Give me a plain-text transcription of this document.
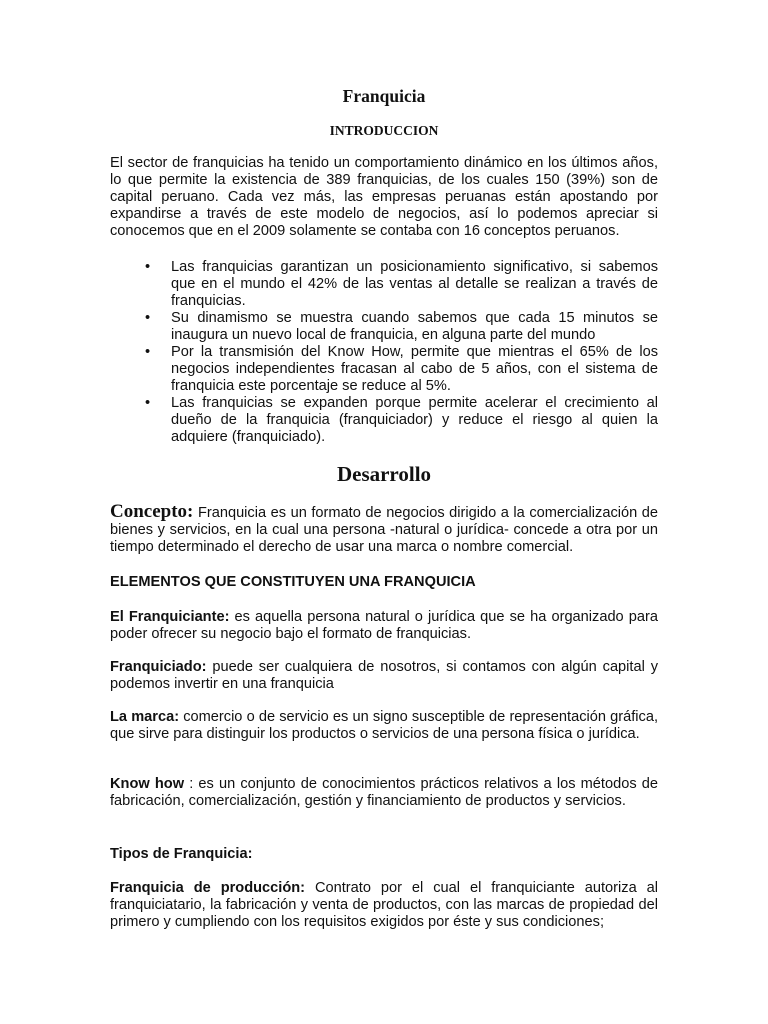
Franquicia
INTRODUCCION

El sector de franquicias ha tenido un comportamiento dinámico en los últimos años, lo que permite la existencia de 389 franquicias, de los cuales 150 (39%) son de capital peruano. Cada vez más, las empresas peruanas están apostando por expandirse a través de este modelo de negocios, así lo podemos apreciar si conocemos que en el 2009 solamente se contaba con 16 conceptos peruanos.

• Las franquicias garantizan un posicionamiento significativo, si sabemos que en el mundo el 42% de las ventas al detalle se realizan a través de franquicias.
• Su dinamismo se muestra cuando sabemos que cada 15 minutos se inaugura un nuevo local de franquicia, en alguna parte del mundo
• Por la transmisión del Know How, permite que mientras el 65% de los negocios independientes fracasan al cabo de 5 años, con el sistema de franquicia este porcentaje se reduce al 5%.
• Las franquicias se expanden porque permite acelerar el crecimiento al dueño de la franquicia (franquiciador) y reduce el riesgo al quien la adquiere (franquiciado).
Desarrollo

Concepto: Franquicia es un formato de negocios dirigido a la comercialización de bienes y servicios, en la cual una persona -natural o jurídica- concede a otra por un tiempo determinado el derecho de usar una marca o nombre comercial.

ELEMENTOS QUE CONSTITUYEN UNA FRANQUICIA

El Franquiciante: es aquella persona natural o jurídica que se ha organizado para poder ofrecer su negocio bajo el formato de franquicias.

Franquiciado: puede ser cualquiera de nosotros, si contamos con algún capital y podemos invertir en una franquicia

La marca: comercio o de servicio es un signo susceptible de representación gráfica, que sirve para distinguir los productos o servicios de una persona física o jurídica.

Know how : es un conjunto de conocimientos prácticos relativos a los métodos de fabricación, comercialización, gestión y financiamiento de productos y servicios.

Tipos de Franquicia:

Franquicia de producción: Contrato por el cual el franquiciante autoriza al franquiciatario, la fabricación y venta de productos, con las marcas de propiedad del primero y cumpliendo con los requisitos exigidos por éste y sus condiciones;
